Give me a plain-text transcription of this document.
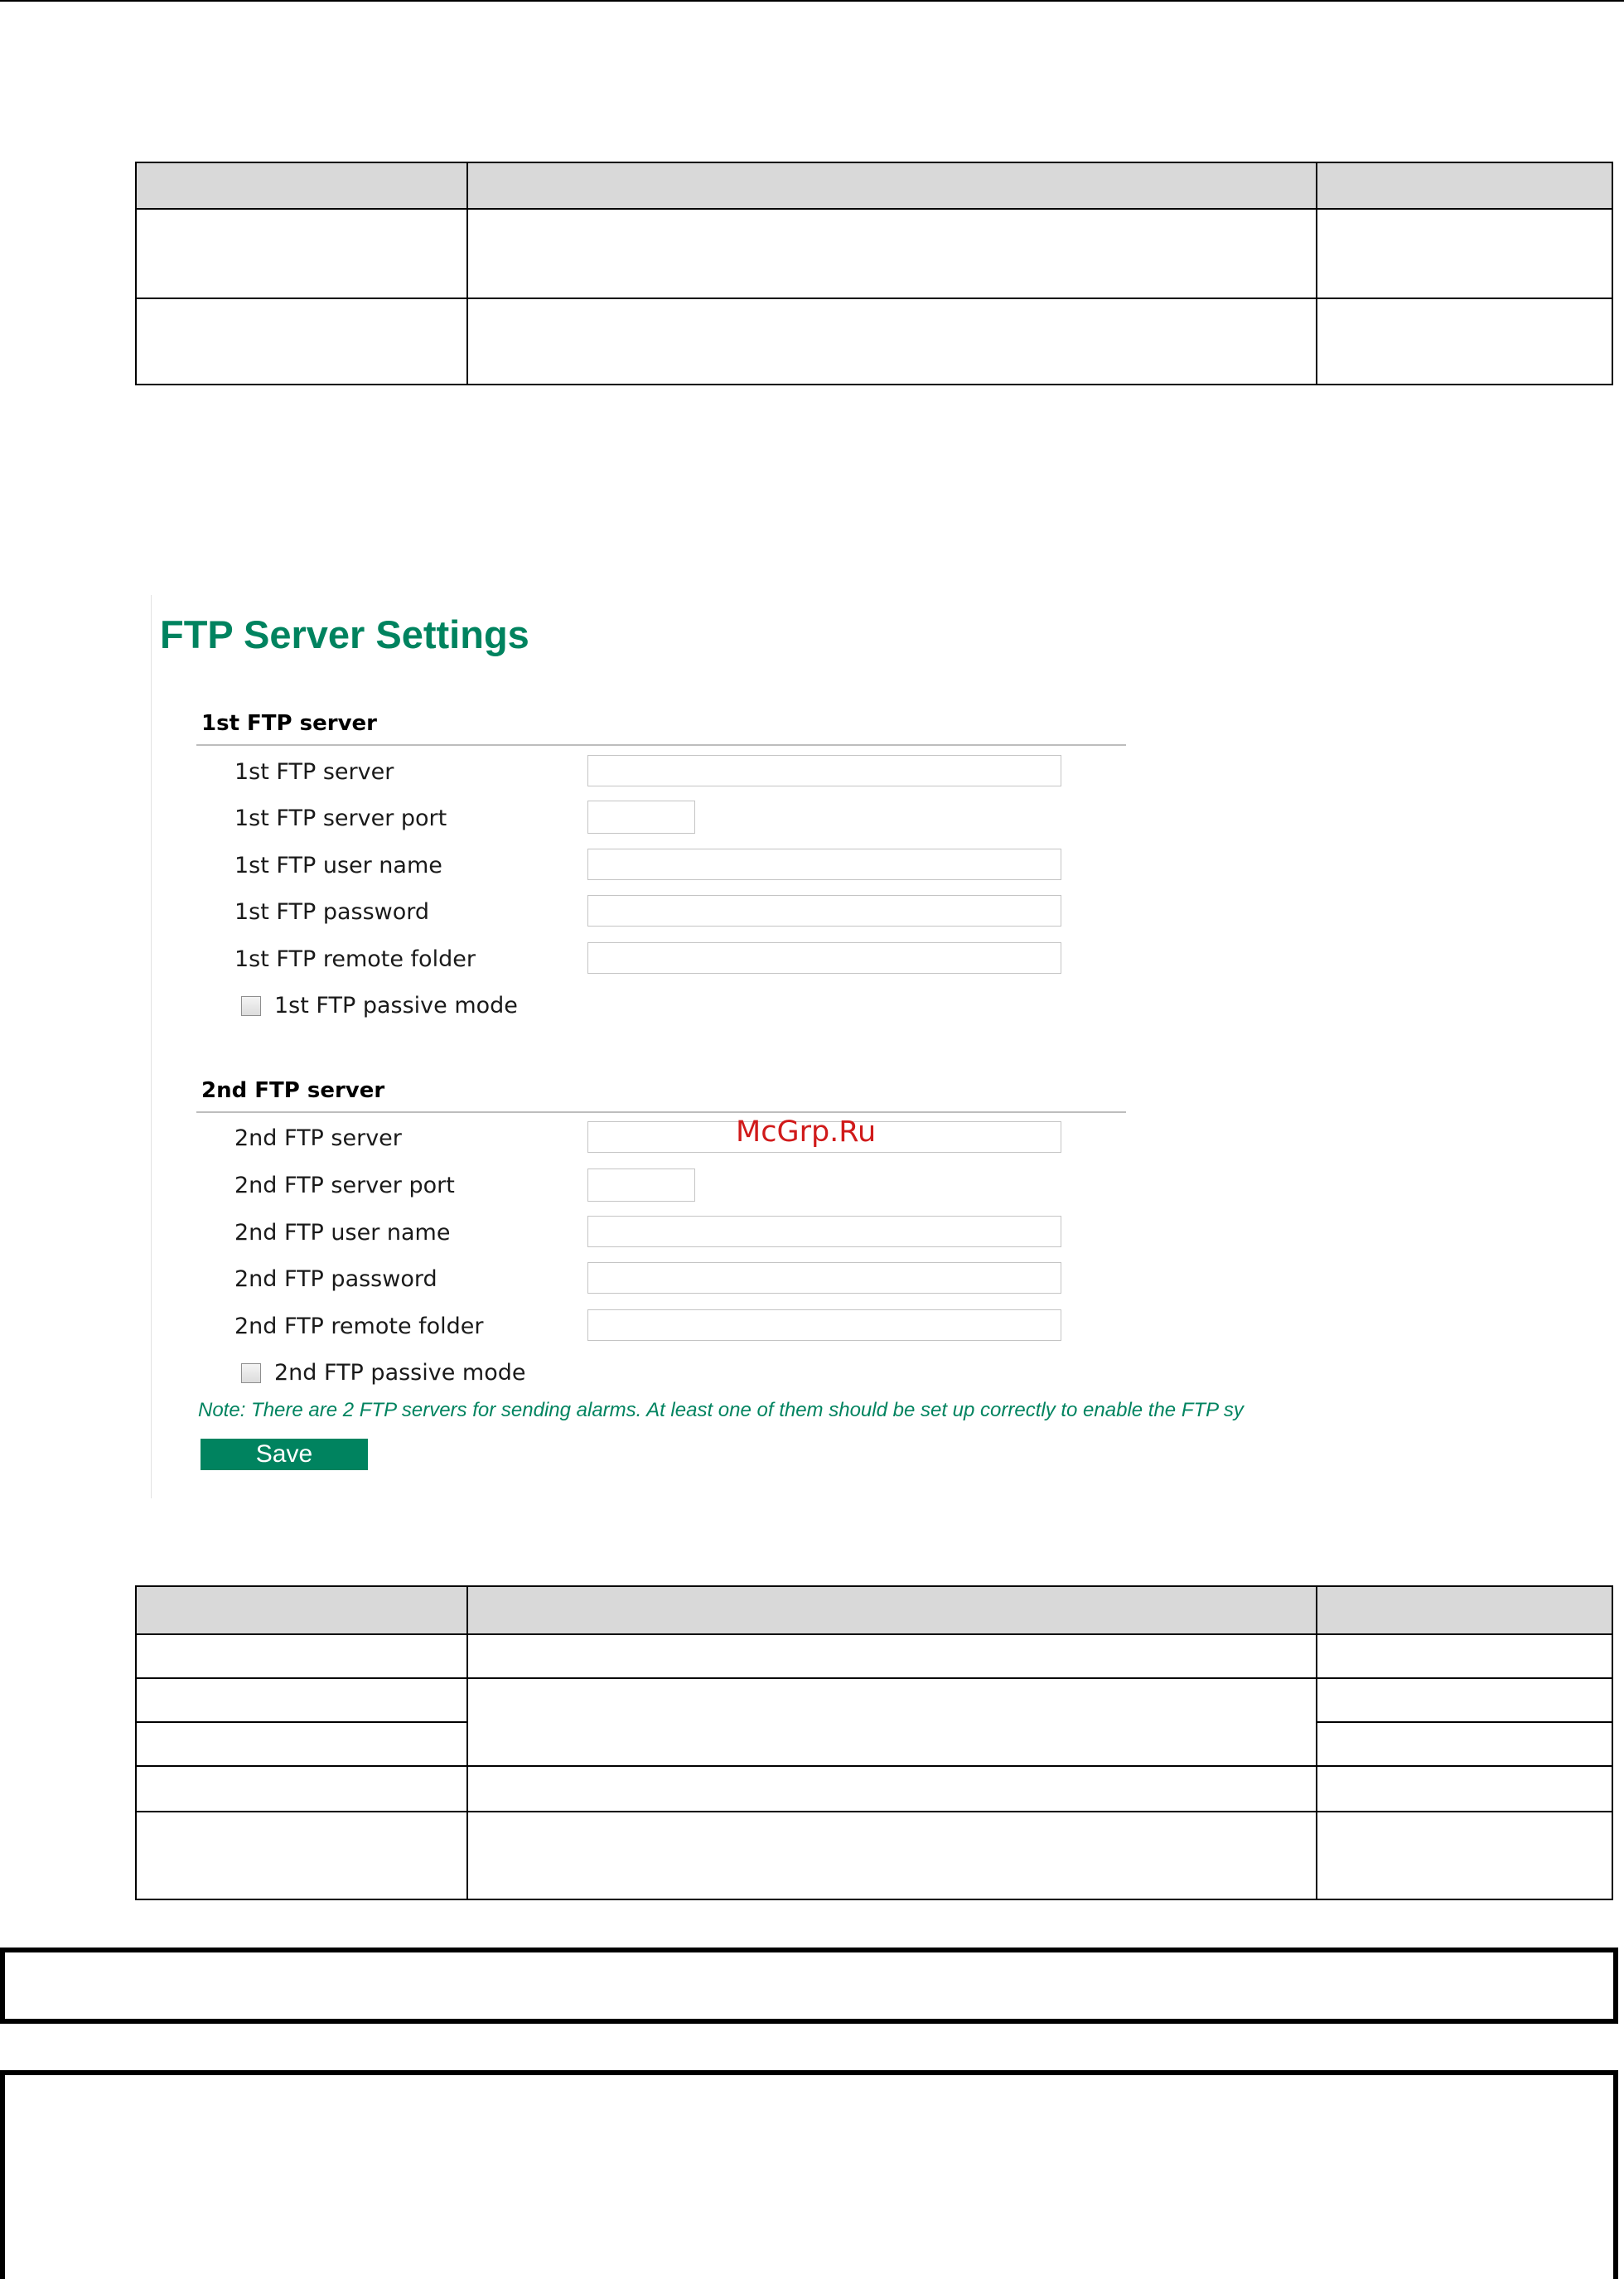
FTP Server Settings
1st FTP server
1st FTP server
1st FTP server port
1st FTP user name
1st FTP password
1st FTP remote folder
1st FTP passive mode
2nd FTP server
2nd FTP server
2nd FTP server port
2nd FTP user name
2nd FTP password
2nd FTP remote folder
2nd FTP passive mode
Note: There are 2 FTP servers for sending alarms. At least one of them should be set up correctly to enable the FTP sy
Save
McGrp.Ru
